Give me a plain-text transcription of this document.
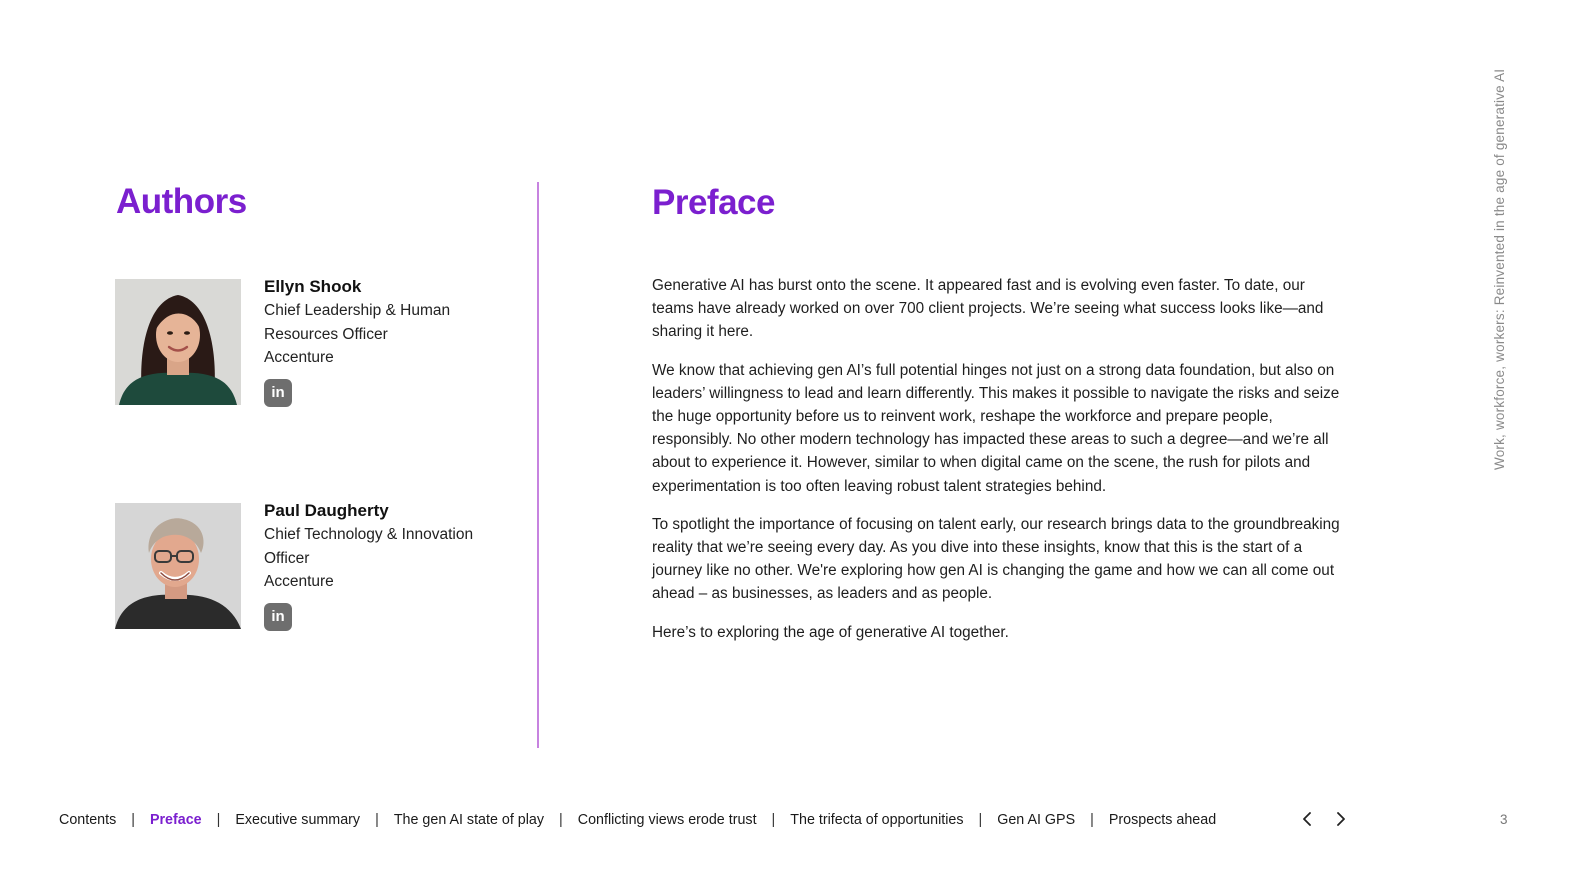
Authors
Ellyn Shook
Chief Leadership & Human Resources Officer
Accenture
in
Paul Daugherty
Chief Technology & Innovation Officer
Accenture
in
Preface

Generative AI has burst onto the scene. It appeared fast and is evolving even faster. To date, our teams have already worked on over 700 client projects. We’re seeing what success looks like—and sharing it here.

We know that achieving gen AI’s full potential hinges not just on a strong data foundation, but also on leaders’ willingness to lead and learn differently. This makes it possible to navigate the risks and seize the huge opportunity before us to reinvent work, reshape the workforce and prepare people, responsibly. No other modern technology has impacted these areas to such a degree—and we’re all about to experience it. However, similar to when digital came on the scene, the rush for pilots and experimentation is too often leaving robust talent strategies behind.

To spotlight the importance of focusing on talent early, our research brings data to the groundbreaking reality that we’re seeing every day. As you dive into these insights, know that this is the start of a journey like no other. We're exploring how gen AI is changing the game and how we can all come out ahead – as businesses, as leaders and as people.

Here’s to exploring the age of generative AI together.

Work, workforce, workers: Reinvented in the age of generative AI
Contents | Preface | Executive summary | The gen AI state of play | Conflicting views erode trust | The trifecta of opportunities | Gen AI GPS | Prospects ahead	3
